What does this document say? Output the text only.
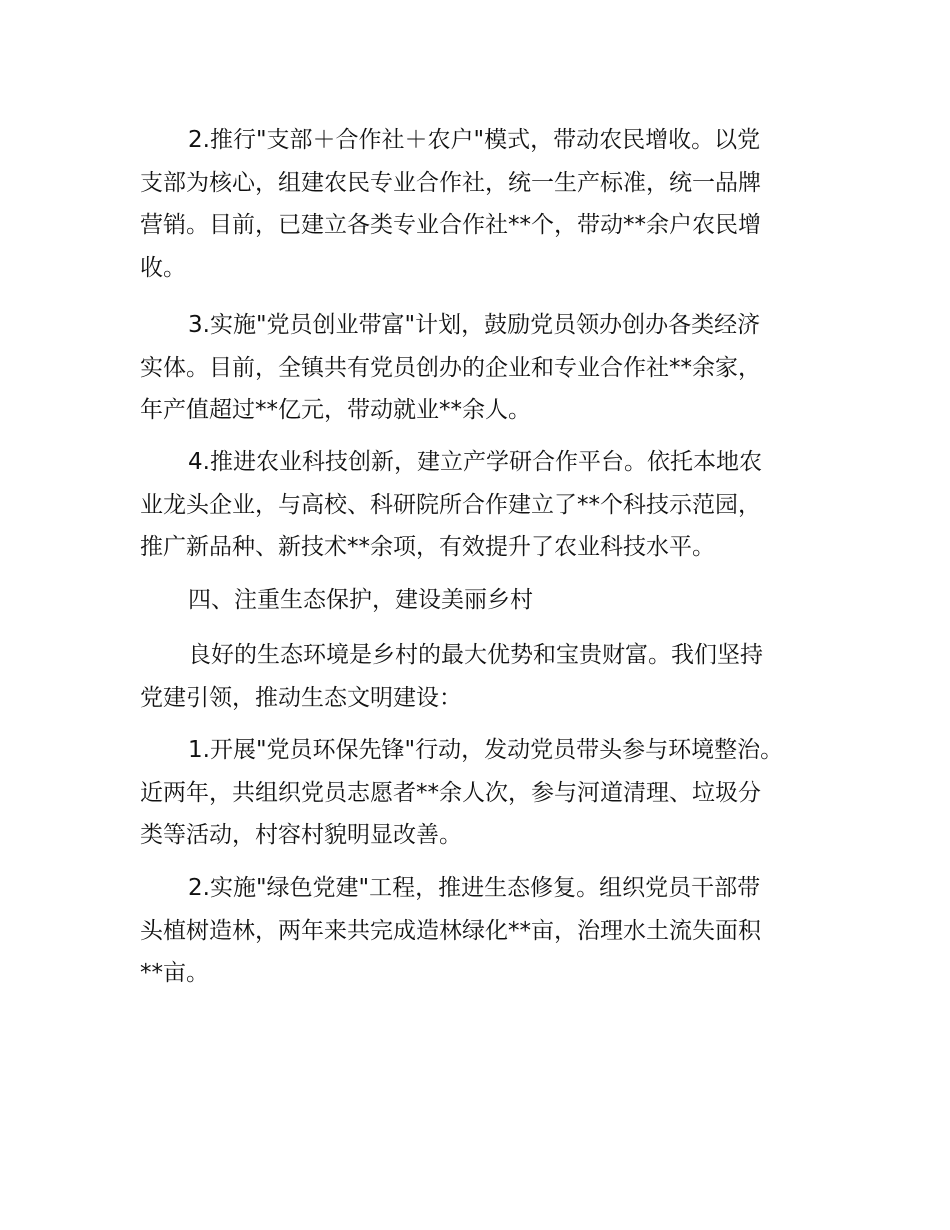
2.推行"支部＋合作社＋农户"模式，带动农民增收。以党
支部为核心，组建农民专业合作社，统一生产标准，统一品牌
营销。目前，已建立各类专业合作社**个，带动**余户农民增
收。
3.实施"党员创业带富"计划，鼓励党员领办创办各类经济
实体。目前，全镇共有党员创办的企业和专业合作社**余家，
年产值超过**亿元，带动就业**余人。
4.推进农业科技创新，建立产学研合作平台。依托本地农
业龙头企业，与高校、科研院所合作建立了**个科技示范园，
推广新品种、新技术**余项，有效提升了农业科技水平。
四、注重生态保护，建设美丽乡村
良好的生态环境是乡村的最大优势和宝贵财富。我们坚持
党建引领，推动生态文明建设：
1.开展"党员环保先锋"行动，发动党员带头参与环境整治。
近两年，共组织党员志愿者**余人次，参与河道清理、垃圾分
类等活动，村容村貌明显改善。
2.实施"绿色党建"工程，推进生态修复。组织党员干部带
头植树造林，两年来共完成造林绿化**亩，治理水土流失面积
**亩。
